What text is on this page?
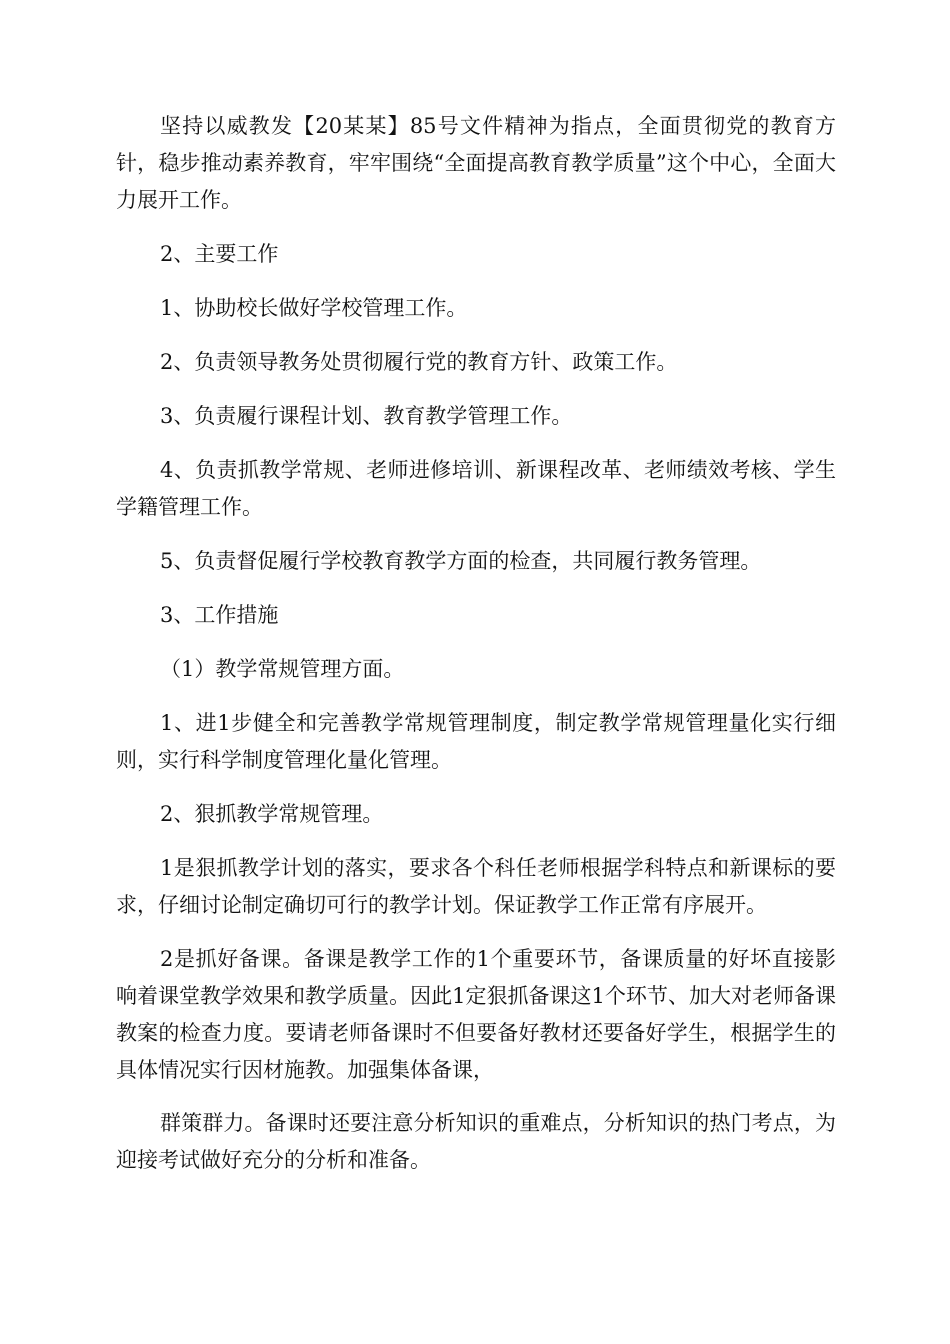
坚持以威教发【20某某】85号文件精神为指点，全面贯彻党的教育方针，稳步推动素养教育，牢牢围绕“全面提高教育教学质量”这个中心，全面大力展开工作。

2、主要工作

1、协助校长做好学校管理工作。

2、负责领导教务处贯彻履行党的教育方针、政策工作。

3、负责履行课程计划、教育教学管理工作。

4、负责抓教学常规、老师进修培训、新课程改革、老师绩效考核、学生学籍管理工作。

5、负责督促履行学校教育教学方面的检查，共同履行教务管理。

3、工作措施

（1）教学常规管理方面。

1、进1步健全和完善教学常规管理制度，制定教学常规管理量化实行细则，实行科学制度管理化量化管理。

2、狠抓教学常规管理。

1是狠抓教学计划的落实，要求各个科任老师根据学科特点和新课标的要求，仔细讨论制定确切可行的教学计划。保证教学工作正常有序展开。

2是抓好备课。备课是教学工作的1个重要环节，备课质量的好坏直接影响着课堂教学效果和教学质量。因此1定狠抓备课这1个环节、加大对老师备课教案的检查力度。要请老师备课时不但要备好教材还要备好学生，根据学生的具体情况实行因材施教。加强集体备课，

群策群力。备课时还要注意分析知识的重难点，分析知识的热门考点，为迎接考试做好充分的分析和准备。
